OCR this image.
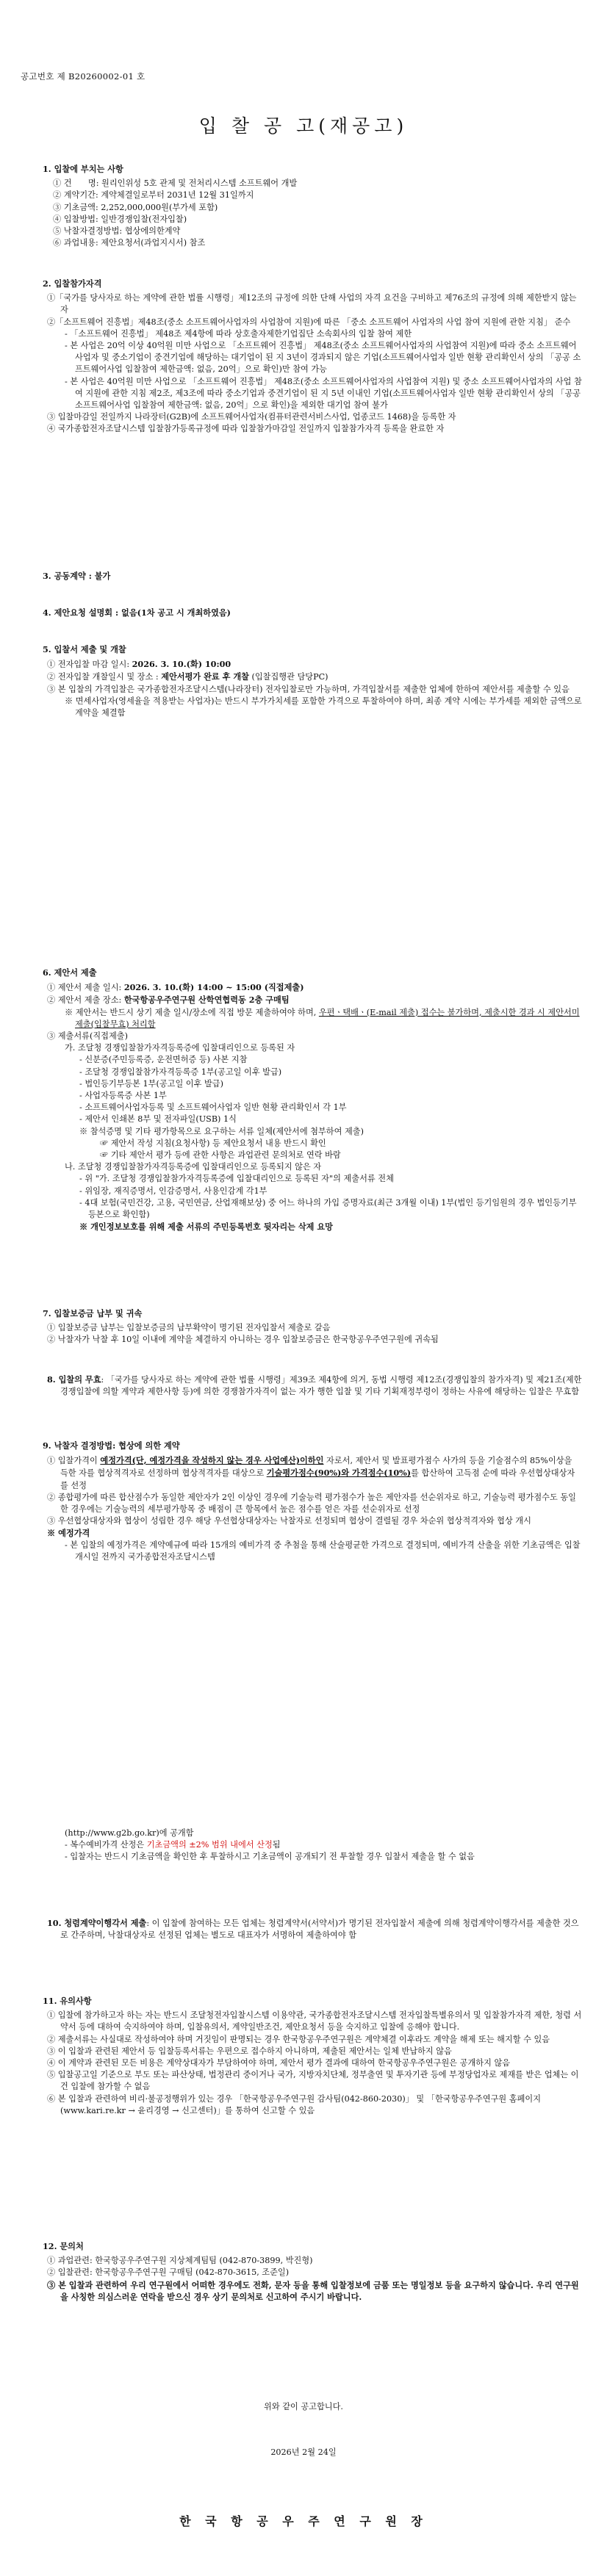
공고번호 제 B20260002-01 호
입 찰 공 고(재공고)

1. 입찰에 부치는 사항

① 건　　명: 원리인위성 5호 관제 및 전처리시스템 소프트웨어 개발

② 계약기간: 계약체결일로부터 2031년 12월 31일까지

③ 기초금액: 2,252,000,000원(부가세 포함)

④ 입찰방법: 일반경쟁입찰(전자입찰)

⑤ 낙찰자결정방법: 협상에의한계약

⑥ 과업내용: 제안요청서(과업지시서) 참조

2. 입찰참가자격

①「국가를 당사자로 하는 계약에 관한 법률 시행령」제12조의 규정에 의한 단해 사업의 자격 요건을 구비하고 제76조의 규정에 의해 제한받지 않는 자

②「소프트웨어 진흥법」제48조(중소 소프트웨어사업자의 사업참여 지원)에 따른 「중소 소프트웨어 사업자의 사업 참여 지원에 관한 지침」 준수

- 「소프트웨어 진흥법」 제48조 제4항에 따라 상호출자제한기업집단 소속회사의 입찰 참여 제한

- 본 사업은 20억 이상 40억원 미만 사업으로 「소프트웨어 진흥법」 제48조(중소 소프트웨어사업자의 사업참여 지원)에 따라 중소 소프트웨어사업자 및 중소기업이 중견기업에 해당하는 대기업이 된 지 3년이 경과되지 않은 기업(소프트웨어사업자 일반 현황 관리확인서 상의 「공공 소프트웨어사업 입찰참여 제한금액: 없음, 20억」으로 확인)만 참여 가능

- 본 사업은 40억원 미만 사업으로 「소프트웨어 진흥법」 제48조(중소 소프트웨어사업자의 사업참여 지원) 및 중소 소프트웨어사업자의 사업 참여 지원에 관한 지침 제2조, 제3조에 따라 중소기업과 중견기업이 된 지 5년 이내인 기업(소프트웨어사업자 일반 현황 관리확인서 상의 「공공 소프트웨어사업 입찰참여 제한금액: 없음, 20억」으로 확인)을 제외한 대기업 참여 불가

③ 입찰마감일 전일까지 나라장터(G2B)에 소프트웨어사업자(컴퓨터관련서비스사업, 업종코드 1468)을 등록한 자

④ 국가종합전자조달시스템 입찰참가등록규정에 따라 입찰참가마감일 전일까지 입찰참가자격 등록을 완료한 자

3. 공동계약 : 불가

4. 제안요청 설명회 : 없음(1차 공고 시 개최하였음)

5. 입찰서 제출 및 개찰

① 전자입찰 마감 일시: 2026. 3. 10.(화) 10:00

② 전자입찰 개찰일시 및 장소 : 제안서평가 완료 후 개찰 (입찰집행관 담당PC)

③ 본 입찰의 가격입찰은 국가종합전자조달시스템(나라장터) 전자입찰로만 가능하며, 가격입찰서를 제출한 업체에 한하여 제안서를 제출할 수 있음

※ 면세사업자(영세율을 적용받는 사업자)는 반드시 부가가치세를 포함한 가격으로 투찰하여야 하며, 최종 계약 시에는 부가세를 제외한 금액으로 계약을 체결함

6. 제안서 제출

① 제안서 제출 일시: 2026. 3. 10.(화) 14:00 ~ 15:00 (직접제출)

② 제안서 제출 장소: 한국항공우주연구원 산학연협력동 2층 구매팀

※ 제안서는 반드시 상기 제출 일시/장소에 직접 방문 제출하여야 하며, 우편ㆍ택배ㆍ(E-mail 제출) 접수는 불가하며, 제출시한 경과 시 제안서미제출(입찰무효) 처리함

③ 제출서류(직접제출)

가. 조달청 경쟁입찰참가자격등록증에 입찰대리인으로 등록된 자

- 신분증(주민등록증, 운전면허증 등) 사본 지참

- 조달청 경쟁입찰참가자격등록증 1부(공고일 이후 발급)

- 법인등기부등본 1부(공고일 이후 발급)

- 사업자등록증 사본 1부

- 소프트웨어사업자등록 및 소프트웨어사업자 일반 현황 관리확인서 각 1부

- 제안서 인쇄본 8부 및 전자파일(USB) 1식

※ 참석증명 및 기타 평가항목으로 요구하는 서류 일체(제안서에 첨부하여 제출)

☞ 제안서 작성 지침(요청사항) 등 제안요청서 내용 반드시 확인

☞ 기타 제안서 평가 등에 관한 사항은 과업관련 문의처로 연락 바람

나. 조달청 경쟁입찰참가자격등록증에 입찰대리인으로 등록되지 않은 자

- 위 "가. 조달청 경쟁입찰참가자격등록증에 입찰대리인으로 등록된 자"의 제출서류 전체

- 위임장, 재직증명서, 인감증명서, 사용인감계 각1부

- 4대 보험(국민건강, 고용, 국민연금, 산업재해보상) 중 어느 하나의 가입 증명자료(최근 3개월 이내) 1부(법인 등기임원의 경우 법인등기부등본으로 확인함)

※ 개인정보보호를 위해 제출 서류의 주민등록번호 뒷자리는 삭제 요망

7. 입찰보증금 납부 및 귀속

① 입찰보증금 납부는 입찰보증금의 납부확약이 명기된 전자입찰서 제출로 갈음

② 낙찰자가 낙찰 후 10일 이내에 계약을 체결하지 아니하는 경우 입찰보증금은 한국항공우주연구원에 귀속됨

8. 입찰의 무효: 「국가를 당사자로 하는 계약에 관한 법률 시행령」제39조 제4항에 의거, 동법 시행령 제12조(경쟁입찰의 참가자격) 및 제21조(제한경쟁입찰에 의할 계약과 제한사항 등)에 의한 경쟁참가자격이 없는 자가 행한 입찰 및 기타 기획재정부령이 정하는 사유에 해당하는 입찰은 무효함

9. 낙찰자 결정방법: 협상에 의한 계약

① 입찰가격이 예정가격(단, 예정가격을 작성하지 않는 경우 사업예산)이하인 자로서, 제안서 및 발표평가점수 사가의 등을 기술점수의 85%이상을 득한 자를 협상적격자로 선정하며 협상적격자를 대상으로 기술평가점수(90%)와 가격점수(10%)를 합산하여 고득점 순에 따라 우선협상대상자를 선정

② 종합평가에 따른 합산점수가 동일한 제안자가 2인 이상인 경우에 기술능력 평가점수가 높은 제안자를 선순위자로 하고, 기술능력 평가점수도 동일한 경우에는 기술능력의 세부평가항목 중 배점이 큰 항목에서 높은 점수를 얻은 자를 선순위자로 선정

③ 우선협상대상자와 협상이 성립한 경우 해당 우선협상대상자는 낙찰자로 선정되며 협상이 결렬될 경우 차순위 협상적격자와 협상 개시

※ 예정가격

- 본 입찰의 예정가격은 계약예규에 따라 15개의 예비가격 중 추첨을 통해 산술평균한 가격으로 결정되며, 예비가격 산출을 위한 기초금액은 입찰개시일 전까지 국가종합전자조달시스템

(http://www.g2b.go.kr)에 공개함

- 복수예비가격 산정은 기초금액의 ±2% 범위 내에서 산정됨

- 입찰자는 반드시 기초금액을 확인한 후 투찰하시고 기초금액이 공개되기 전 투찰할 경우 입찰서 제출을 할 수 없음

10. 청렴계약이행각서 제출: 이 입찰에 참여하는 모든 업체는 청렴계약서(서약서)가 명기된 전자입찰서 제출에 의해 청렴계약이행각서를 제출한 것으로 간주하며, 낙찰대상자로 선정된 업체는 별도로 대표자가 서명하여 제출하여야 함

11. 유의사항

① 입찰에 참가하고자 하는 자는 반드시 조달청전자입찰시스템 이용약관, 국가종합전자조달시스템 전자입찰특별유의서 및 입찰참가자격 제한, 청렴 서약서 등에 대하여 숙지하여야 하며, 입찰유의서, 계약일반조건, 제안요청서 등을 숙지하고 입찰에 응해야 합니다.

② 제출서류는 사실대로 작성하여야 하며 거짓임이 판명되는 경우 한국항공우주연구원은 계약체결 이후라도 계약을 해제 또는 해지할 수 있음

③ 이 입찰과 관련된 제안서 등 입찰등록서류는 우편으로 접수하지 아니하며, 제출된 제안서는 일체 반납하지 않음

④ 이 계약과 관련된 모든 비용은 계약상대자가 부담하여야 하며, 제안서 평가 결과에 대하여 한국항공우주연구원은 공개하지 않음

⑤ 입찰공고일 기준으로 부도 또는 파산상태, 법정관리 중이거나 국가, 지방자치단체, 정부출연 및 투자기관 등에 부정당업자로 제재를 받은 업체는 이 건 입찰에 참가할 수 없음

⑥ 본 입찰과 관련하여 비리·불공정행위가 있는 경우 「한국항공우주연구원 감사팀(042-860-2030)」 및 「한국항공우주연구원 홈페이지(www.kari.re.kr → 윤리경영 → 신고센터)」를 통하여 신고할 수 있음

12. 문의처

① 과업관련: 한국항공우주연구원 지상체계팀팀 (042-870-3899, 박진형)

② 입찰관련: 한국항공우주연구원 구매팀 (042-870-3615, 조준일)

③ 본 입찰과 관련하여 우리 연구원에서 어떠한 경우에도 전화, 문자 등을 통해 입찰정보에 금품 또는 명일정보 등을 요구하지 않습니다. 우리 연구원을 사칭한 의심스러운 연락을 받으신 경우 상기 문의처로 신고하여 주시기 바랍니다.

위와 같이 공고합니다.
2026년 2월 24일
한 국 항 공 우 주 연 구 원 장
